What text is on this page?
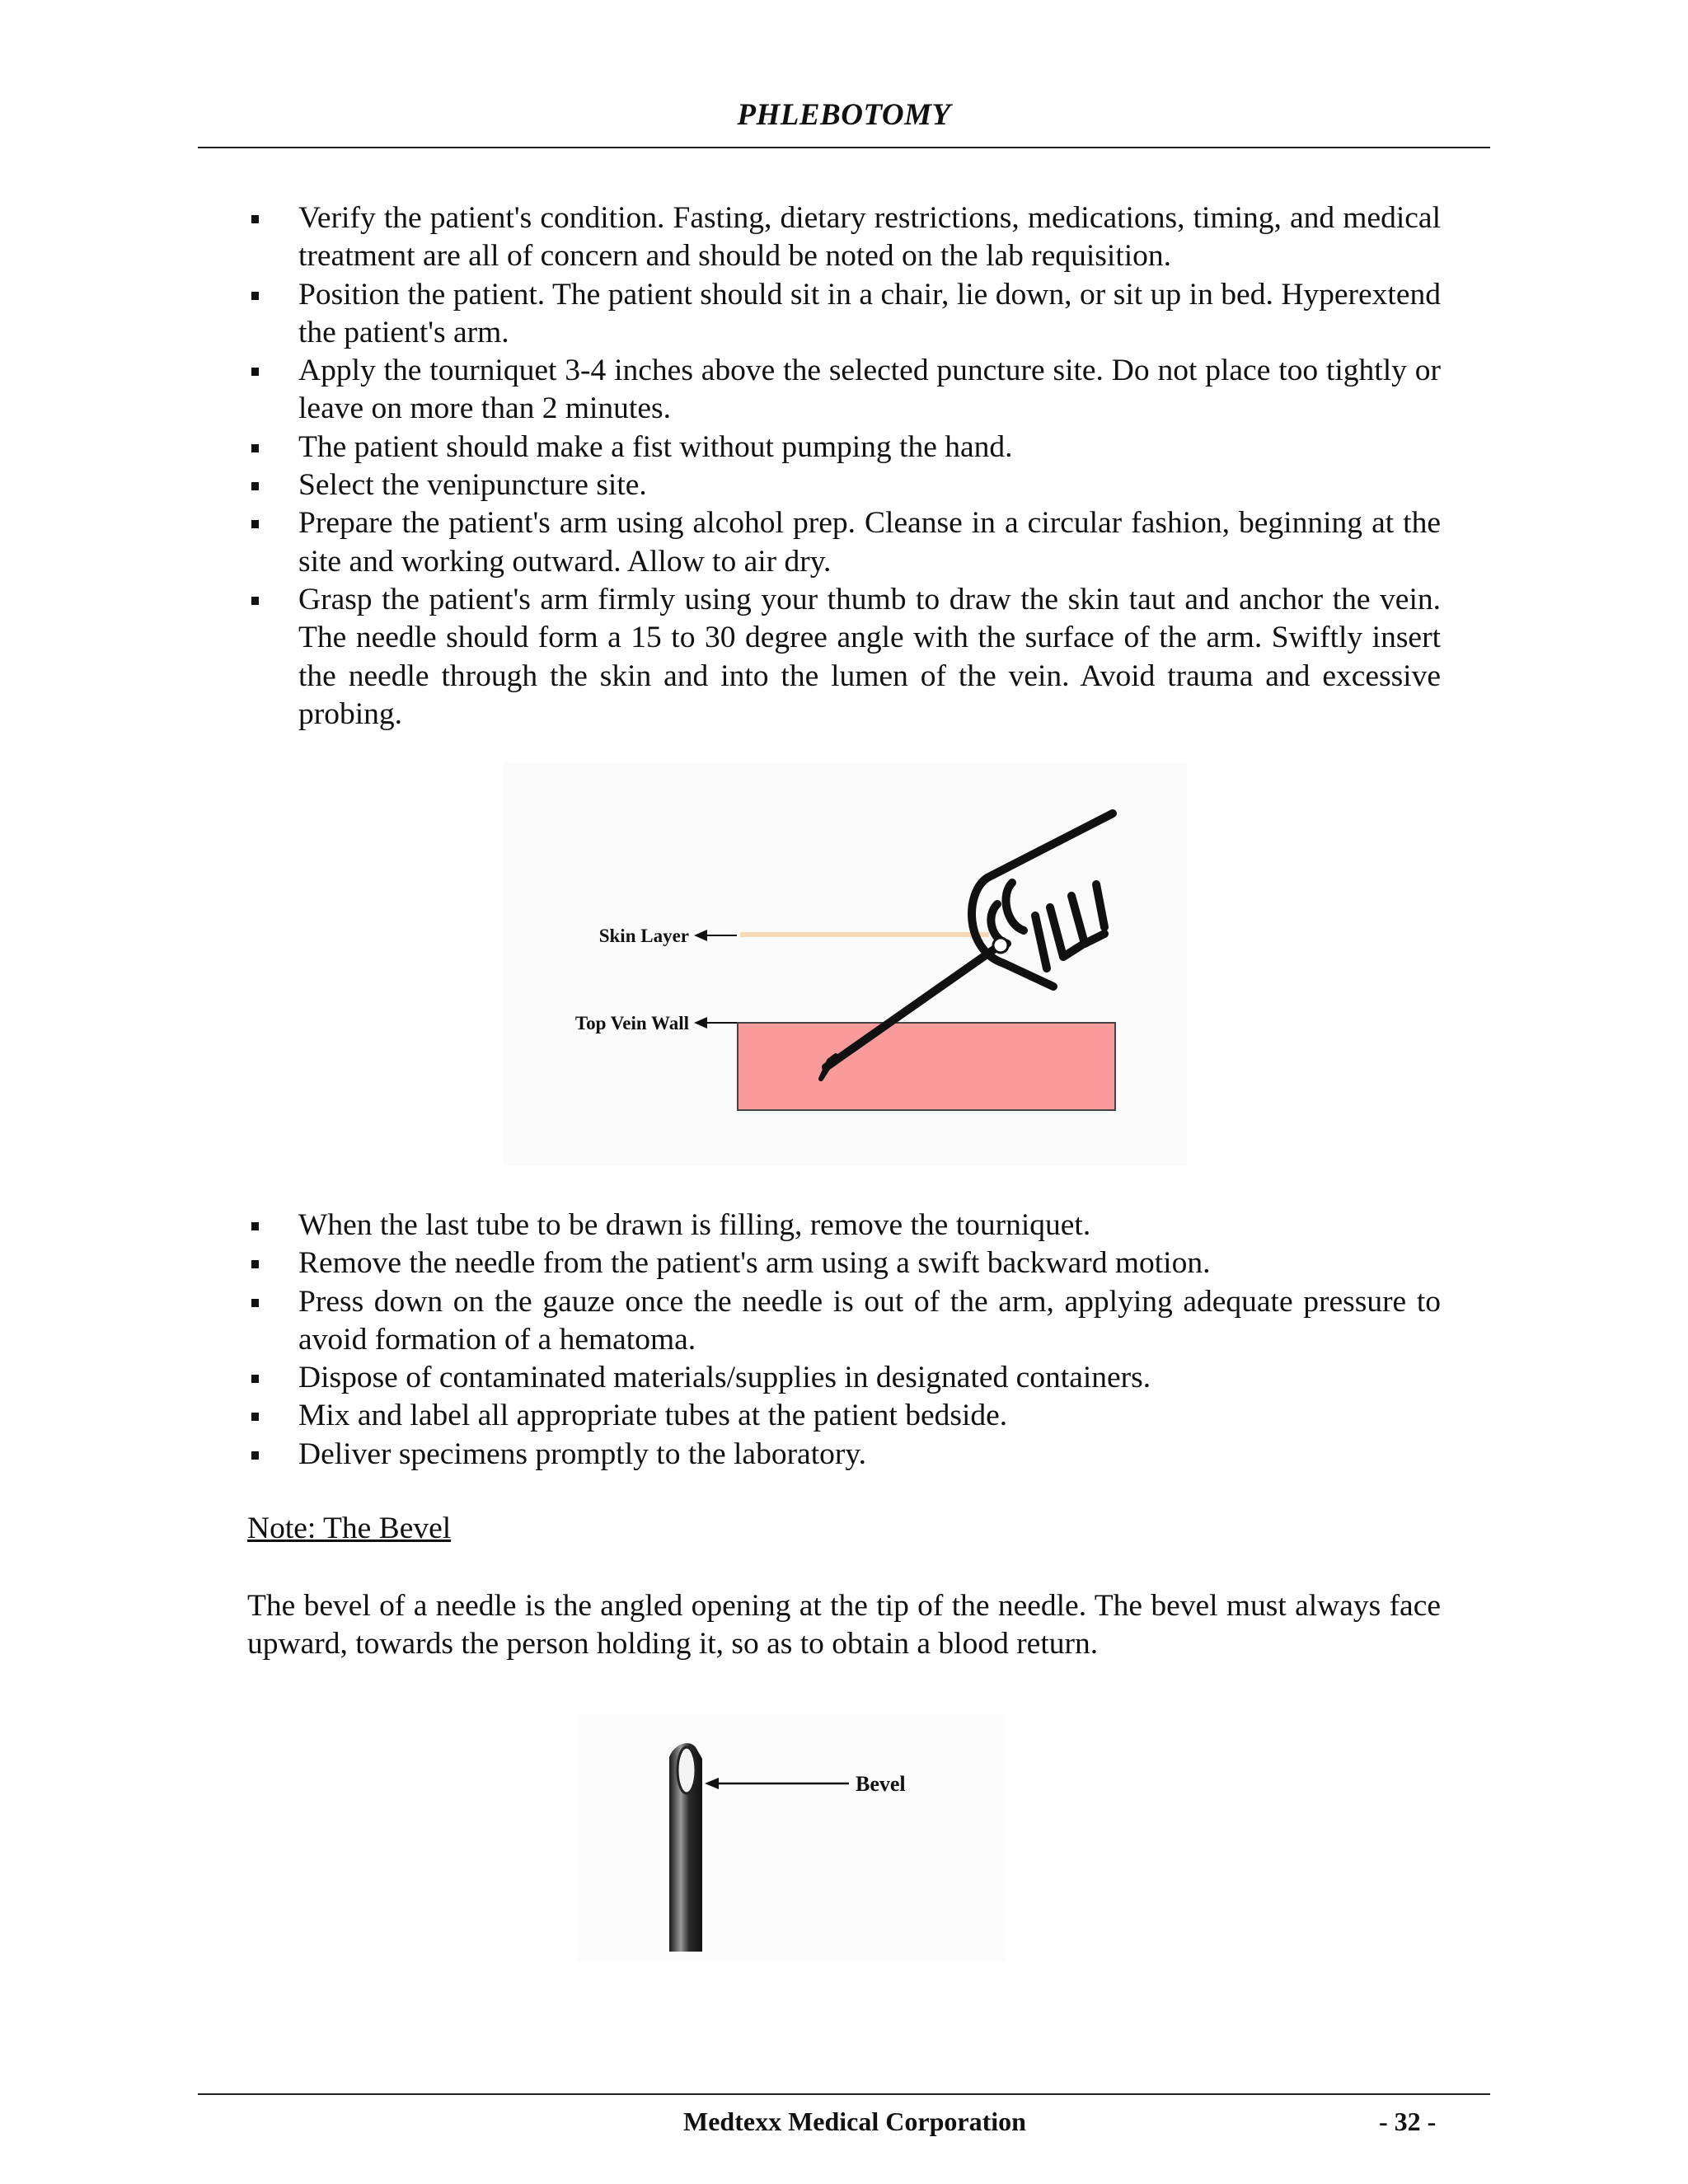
PHLEBOTOMY
Verify the patient's condition. Fasting, dietary restrictions, medications, timing, and medical treatment are all of concern and should be noted on the lab requisition.
Position the patient. The patient should sit in a chair, lie down, or sit up in bed. Hyperextend the patient's arm.
Apply the tourniquet 3-4 inches above the selected puncture site. Do not place too tightly or leave on more than 2 minutes.
The patient should make a fist without pumping the hand.
Select the venipuncture site.
Prepare the patient's arm using alcohol prep. Cleanse in a circular fashion, beginning at the site and working outward. Allow to air dry.
Grasp the patient's arm firmly using your thumb to draw the skin taut and anchor the vein. The needle should form a 15 to 30 degree angle with the surface of the arm. Swiftly insert the needle through the skin and into the lumen of the vein. Avoid trauma and excessive probing.
Skin Layer
Top Vein Wall
When the last tube to be drawn is filling, remove the tourniquet.
Remove the needle from the patient's arm using a swift backward motion.
Press down on the gauze once the needle is out of the arm, applying adequate pressure to avoid formation of a hematoma.
Dispose of contaminated materials/supplies in designated containers.
Mix and label all appropriate tubes at the patient bedside.
Deliver specimens promptly to the laboratory.
Note: The Bevel
The bevel of a needle is the angled opening at the tip of the needle. The bevel must always face upward, towards the person holding it, so as to obtain a blood return.
Bevel
Medtexx Medical Corporation	- 32 -
